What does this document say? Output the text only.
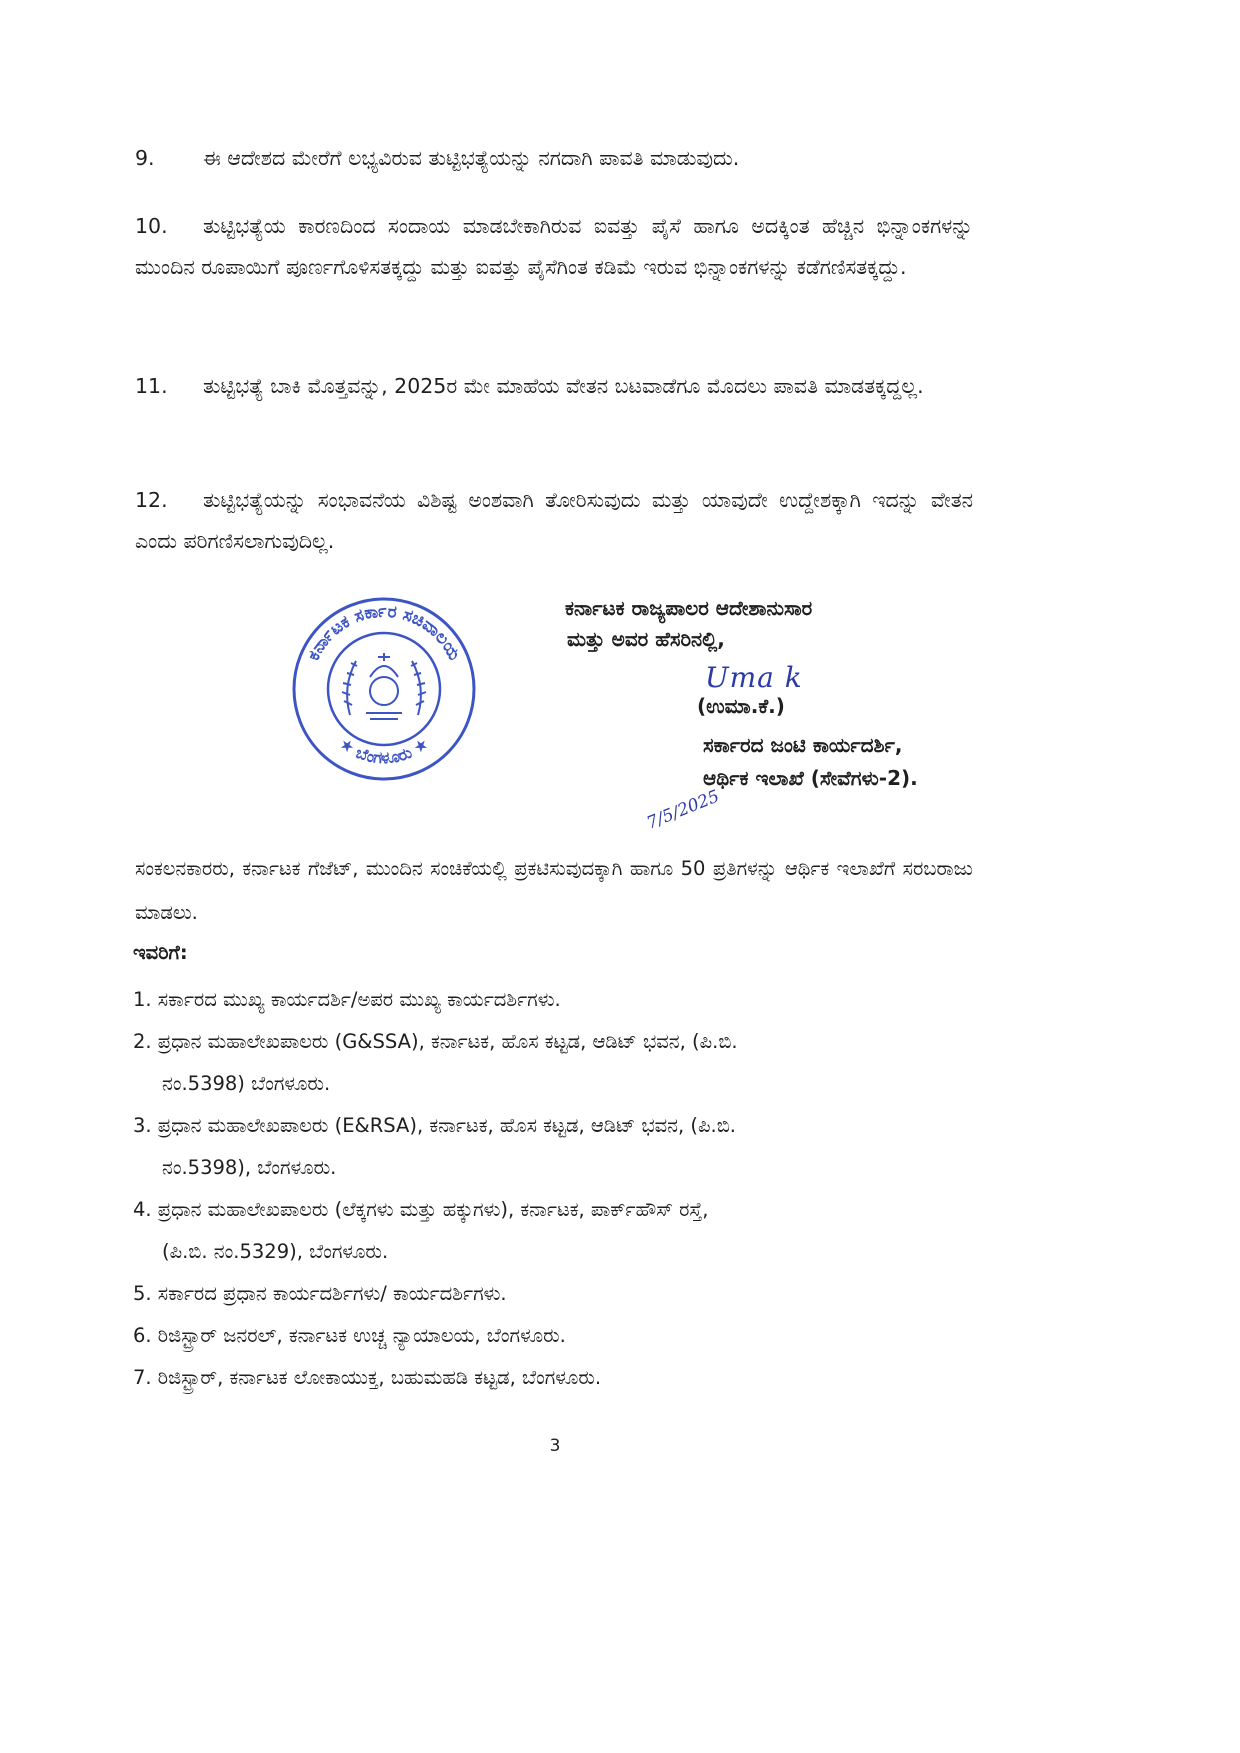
9. ಈ ಆದೇಶದ ಮೇರೆಗೆ ಲಭ್ಯವಿರುವ ತುಟ್ಟಿಭತ್ಯೆಯನ್ನು ನಗದಾಗಿ ಪಾವತಿ ಮಾಡುವುದು.
10. ತುಟ್ಟಿಭತ್ಯೆಯ ಕಾರಣದಿಂದ ಸಂದಾಯ ಮಾಡಬೇಕಾಗಿರುವ ಐವತ್ತು ಪೈಸೆ ಹಾಗೂ ಅದಕ್ಕಿಂತ ಹೆಚ್ಚಿನ ಭಿನ್ನಾಂಕಗಳನ್ನು ಮುಂದಿನ ರೂಪಾಯಿಗೆ ಪೂರ್ಣಗೊಳಿಸತಕ್ಕದ್ದು ಮತ್ತು ಐವತ್ತು ಪೈಸೆಗಿಂತ ಕಡಿಮೆ ಇರುವ ಭಿನ್ನಾಂಕಗಳನ್ನು ಕಡೆಗಣಿಸತಕ್ಕದ್ದು.
11. ತುಟ್ಟಿಭತ್ಯೆ ಬಾಕಿ ಮೊತ್ತವನ್ನು, 2025ರ ಮೇ ಮಾಹೆಯ ವೇತನ ಬಟವಾಡೆಗೂ ಮೊದಲು ಪಾವತಿ ಮಾಡತಕ್ಕದ್ದಲ್ಲ.
12. ತುಟ್ಟಿಭತ್ಯೆಯನ್ನು ಸಂಭಾವನೆಯ ವಿಶಿಷ್ಟ ಅಂಶವಾಗಿ ತೋರಿಸುವುದು ಮತ್ತು ಯಾವುದೇ ಉದ್ದೇಶಕ್ಕಾಗಿ ಇದನ್ನು ವೇತನ ಎಂದು ಪರಿಗಣಿಸಲಾಗುವುದಿಲ್ಲ.
ಕರ್ನಾಟಕ ಸರ್ಕಾರ ಸಚಿವಾಲಯ
★ ಬೆಂಗಳೂರು ★
ಕರ್ನಾಟಕ ರಾಜ್ಯಪಾಲರ ಆದೇಶಾನುಸಾರ
ಮತ್ತು ಅವರ ಹೆಸರಿನಲ್ಲಿ,
Uma k
(ಉಮಾ.ಕೆ.)
ಸರ್ಕಾರದ ಜಂಟಿ ಕಾರ್ಯದರ್ಶಿ,
ಆರ್ಥಿಕ ಇಲಾಖೆ (ಸೇವೆಗಳು-2).
7/5/2025
ಸಂಕಲನಕಾರರು, ಕರ್ನಾಟಕ ಗೆಜೆಟ್, ಮುಂದಿನ ಸಂಚಿಕೆಯಲ್ಲಿ ಪ್ರಕಟಿಸುವುದಕ್ಕಾಗಿ ಹಾಗೂ 50 ಪ್ರತಿಗಳನ್ನು ಆರ್ಥಿಕ ಇಲಾಖೆಗೆ ಸರಬರಾಜು ಮಾಡಲು.
ಇವರಿಗೆ:
1. ಸರ್ಕಾರದ ಮುಖ್ಯ ಕಾರ್ಯದರ್ಶಿ/ಅಪರ ಮುಖ್ಯ ಕಾರ್ಯದರ್ಶಿಗಳು.
2. ಪ್ರಧಾನ ಮಹಾಲೇಖಪಾಲರು (G&SSA), ಕರ್ನಾಟಕ, ಹೊಸ ಕಟ್ಟಡ, ಆಡಿಟ್ ಭವನ, (ಪಿ.ಬಿ.
ನಂ.5398) ಬೆಂಗಳೂರು.
3. ಪ್ರಧಾನ ಮಹಾಲೇಖಪಾಲರು (E&RSA), ಕರ್ನಾಟಕ, ಹೊಸ ಕಟ್ಟಡ, ಆಡಿಟ್ ಭವನ, (ಪಿ.ಬಿ.
ನಂ.5398), ಬೆಂಗಳೂರು.
4. ಪ್ರಧಾನ ಮಹಾಲೇಖಪಾಲರು (ಲೆಕ್ಕಗಳು ಮತ್ತು ಹಕ್ಕುಗಳು), ಕರ್ನಾಟಕ, ಪಾರ್ಕ್‌ಹೌಸ್ ರಸ್ತೆ,
(ಪಿ.ಬಿ. ನಂ.5329), ಬೆಂಗಳೂರು.
5. ಸರ್ಕಾರದ ಪ್ರಧಾನ ಕಾರ್ಯದರ್ಶಿಗಳು/ ಕಾರ್ಯದರ್ಶಿಗಳು.
6. ರಿಜಿಸ್ಟ್ರಾರ್ ಜನರಲ್, ಕರ್ನಾಟಕ ಉಚ್ಚ ನ್ಯಾಯಾಲಯ, ಬೆಂಗಳೂರು.
7. ರಿಜಿಸ್ಟ್ರಾರ್, ಕರ್ನಾಟಕ ಲೋಕಾಯುಕ್ತ, ಬಹುಮಹಡಿ ಕಟ್ಟಡ, ಬೆಂಗಳೂರು.
3
